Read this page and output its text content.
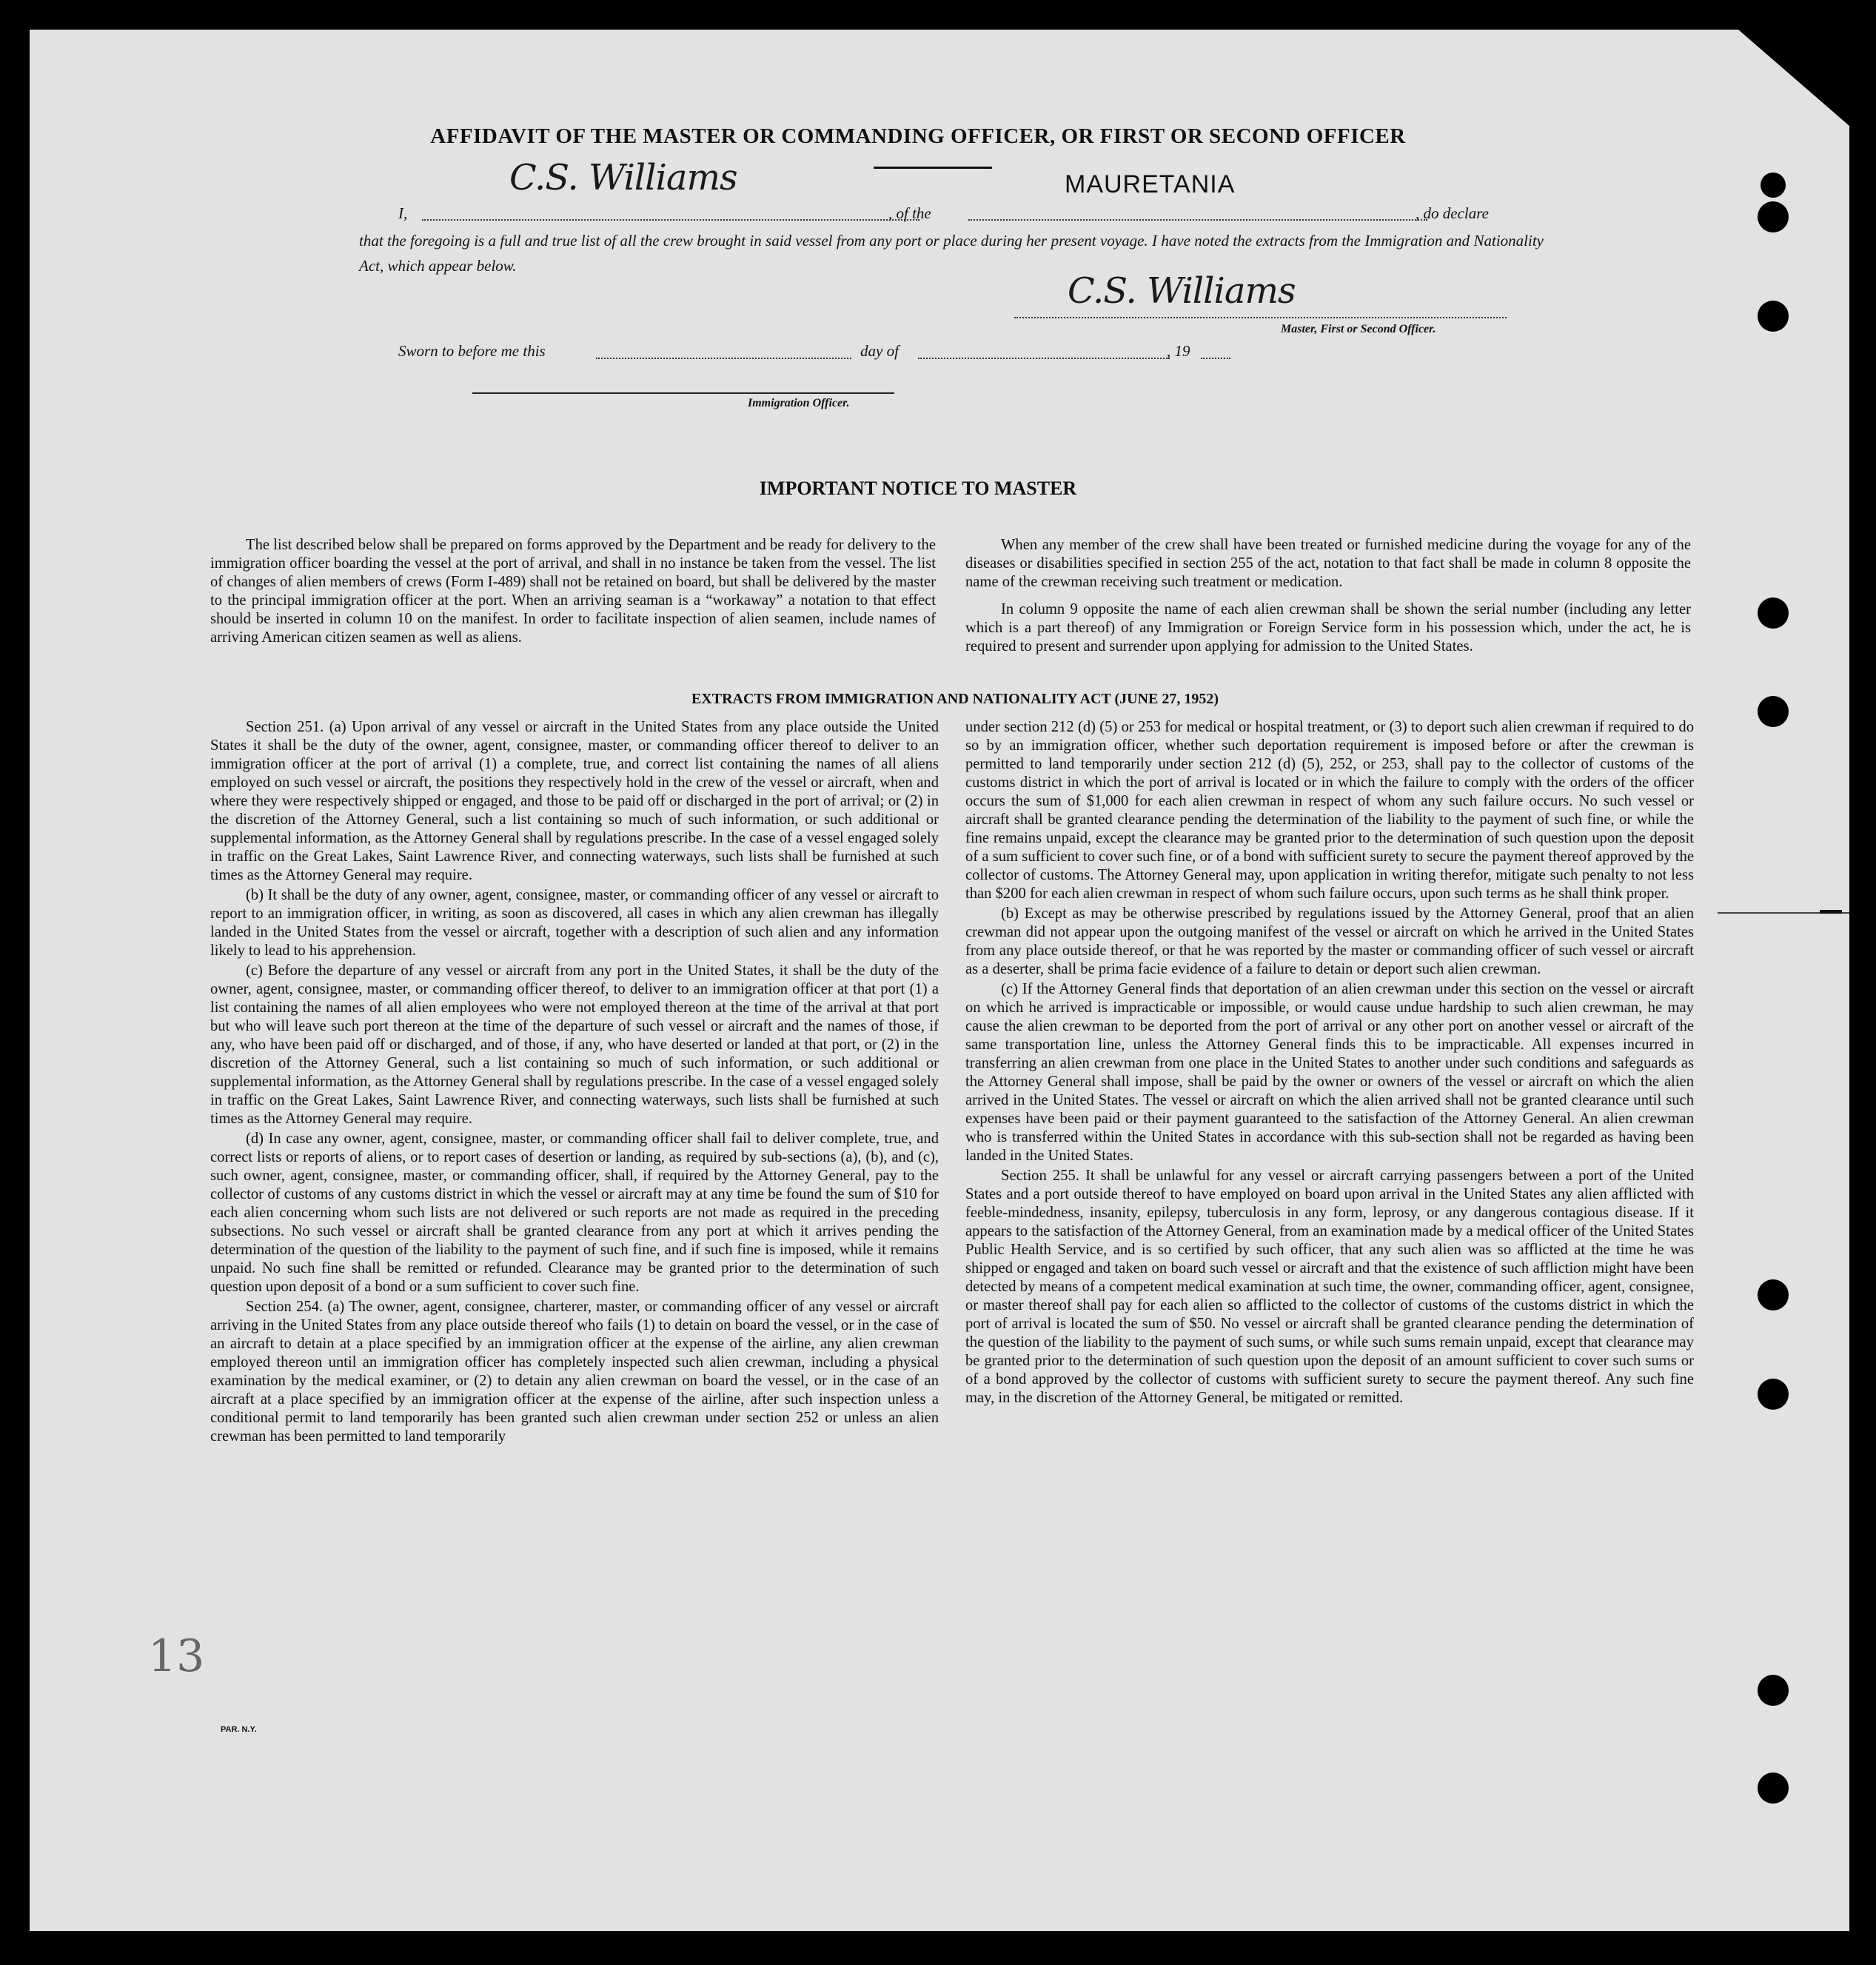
AFFIDAVIT OF THE MASTER OR COMMANDING OFFICER, OR FIRST OR SECOND OFFICER
I,
C.S. Williams
, of the
MAURETANIA
, do declare
that the foregoing is a full and true list of all the crew brought in said vessel from any port or place during her present voyage. I have noted the extracts from the Immigration and Nationality Act, which appear below.
C.S. Williams
Master, First or Second Officer.
Sworn to before me this	day of	, 19
Immigration Officer.
IMPORTANT NOTICE TO MASTER

The list described below shall be prepared on forms approved by the Department and be ready for delivery to the immigration officer boarding the vessel at the port of arrival, and shall in no instance be taken from the vessel. The list of changes of alien members of crews (Form I-489) shall not be retained on board, but shall be delivered by the master to the principal immigration officer at the port. When an arriving seaman is a “workaway” a notation to that effect should be inserted in column 10 on the manifest. In order to facilitate inspection of alien seamen, include names of arriving American citizen seamen as well as aliens.

When any member of the crew shall have been treated or furnished medicine during the voyage for any of the diseases or disabilities specified in section 255 of the act, notation to that fact shall be made in column 8 opposite the name of the crewman receiving such treatment or medication.

In column 9 opposite the name of each alien crewman shall be shown the serial number (including any letter which is a part thereof) of any Immigration or Foreign Service form in his possession which, under the act, he is required to present and surrender upon applying for admission to the United States.

EXTRACTS FROM IMMIGRATION AND NATIONALITY ACT (JUNE 27, 1952)

Section 251. (a) Upon arrival of any vessel or aircraft in the United States from any place outside the United States it shall be the duty of the owner, agent, consignee, master, or commanding officer thereof to deliver to an immigration officer at the port of arrival (1) a complete, true, and correct list containing the names of all aliens employed on such vessel or aircraft, the positions they respectively hold in the crew of the vessel or aircraft, when and where they were respectively shipped or engaged, and those to be paid off or discharged in the port of arrival; or (2) in the discretion of the Attorney General, such a list containing so much of such information, or such additional or supplemental information, as the Attorney General shall by regulations prescribe. In the case of a vessel engaged solely in traffic on the Great Lakes, Saint Lawrence River, and connecting waterways, such lists shall be furnished at such times as the Attorney General may require.

(b) It shall be the duty of any owner, agent, consignee, master, or commanding officer of any vessel or aircraft to report to an immigration officer, in writing, as soon as discovered, all cases in which any alien crewman has illegally landed in the United States from the vessel or aircraft, together with a description of such alien and any information likely to lead to his apprehension.

(c) Before the departure of any vessel or aircraft from any port in the United States, it shall be the duty of the owner, agent, consignee, master, or commanding officer thereof, to deliver to an immigration officer at that port (1) a list containing the names of all alien employees who were not employed thereon at the time of the arrival at that port but who will leave such port thereon at the time of the departure of such vessel or aircraft and the names of those, if any, who have been paid off or discharged, and of those, if any, who have deserted or landed at that port, or (2) in the discretion of the Attorney General, such a list containing so much of such information, or such additional or supplemental information, as the Attorney General shall by regulations prescribe. In the case of a vessel engaged solely in traffic on the Great Lakes, Saint Lawrence River, and connecting waterways, such lists shall be furnished at such times as the Attorney General may require.

(d) In case any owner, agent, consignee, master, or commanding officer shall fail to deliver complete, true, and correct lists or reports of aliens, or to report cases of desertion or landing, as required by sub-sections (a), (b), and (c), such owner, agent, consignee, master, or commanding officer, shall, if required by the Attorney General, pay to the collector of customs of any customs district in which the vessel or aircraft may at any time be found the sum of $10 for each alien concerning whom such lists are not delivered or such reports are not made as required in the preceding subsections. No such vessel or aircraft shall be granted clearance from any port at which it arrives pending the determination of the question of the liability to the payment of such fine, and if such fine is imposed, while it remains unpaid. No such fine shall be remitted or refunded. Clearance may be granted prior to the determination of such question upon deposit of a bond or a sum sufficient to cover such fine.

Section 254. (a) The owner, agent, consignee, charterer, master, or commanding officer of any vessel or aircraft arriving in the United States from any place outside thereof who fails (1) to detain on board the vessel, or in the case of an aircraft to detain at a place specified by an immigration officer at the expense of the airline, any alien crewman employed thereon until an immigration officer has completely inspected such alien crewman, including a physical examination by the medical examiner, or (2) to detain any alien crewman on board the vessel, or in the case of an aircraft at a place specified by an immigration officer at the expense of the airline, after such inspection unless a conditional permit to land temporarily has been granted such alien crewman under section 252 or unless an alien crewman has been permitted to land temporarily

under section 212 (d) (5) or 253 for medical or hospital treatment, or (3) to deport such alien crewman if required to do so by an immigration officer, whether such deportation requirement is imposed before or after the crewman is permitted to land temporarily under section 212 (d) (5), 252, or 253, shall pay to the collector of customs of the customs district in which the port of arrival is located or in which the failure to comply with the orders of the officer occurs the sum of $1,000 for each alien crewman in respect of whom any such failure occurs. No such vessel or aircraft shall be granted clearance pending the determination of the liability to the payment of such fine, or while the fine remains unpaid, except the clearance may be granted prior to the determination of such question upon the deposit of a sum sufficient to cover such fine, or of a bond with sufficient surety to secure the payment thereof approved by the collector of customs. The Attorney General may, upon application in writing therefor, mitigate such penalty to not less than $200 for each alien crewman in respect of whom such failure occurs, upon such terms as he shall think proper.

(b) Except as may be otherwise prescribed by regulations issued by the Attorney General, proof that an alien crewman did not appear upon the outgoing manifest of the vessel or aircraft on which he arrived in the United States from any place outside thereof, or that he was reported by the master or commanding officer of such vessel or aircraft as a deserter, shall be prima facie evidence of a failure to detain or deport such alien crewman.

(c) If the Attorney General finds that deportation of an alien crewman under this section on the vessel or aircraft on which he arrived is impracticable or impossible, or would cause undue hardship to such alien crewman, he may cause the alien crewman to be deported from the port of arrival or any other port on another vessel or aircraft of the same transportation line, unless the Attorney General finds this to be impracticable. All expenses incurred in transferring an alien crewman from one place in the United States to another under such conditions and safeguards as the Attorney General shall impose, shall be paid by the owner or owners of the vessel or aircraft on which the alien arrived in the United States. The vessel or aircraft on which the alien arrived shall not be granted clearance until such expenses have been paid or their payment guaranteed to the satisfaction of the Attorney General. An alien crewman who is transferred within the United States in accordance with this sub-section shall not be regarded as having been landed in the United States.

Section 255. It shall be unlawful for any vessel or aircraft carrying passengers between a port of the United States and a port outside thereof to have employed on board upon arrival in the United States any alien afflicted with feeble-mindedness, insanity, epilepsy, tuberculosis in any form, leprosy, or any dangerous contagious disease. If it appears to the satisfaction of the Attorney General, from an examination made by a medical officer of the United States Public Health Service, and is so certified by such officer, that any such alien was so afflicted at the time he was shipped or engaged and taken on board such vessel or aircraft and that the existence of such affliction might have been detected by means of a competent medical examination at such time, the owner, commanding officer, agent, consignee, or master thereof shall pay for each alien so afflicted to the collector of customs of the customs district in which the port of arrival is located the sum of $50. No vessel or aircraft shall be granted clearance pending the determination of the question of the liability to the payment of such sums, or while such sums remain unpaid, except that clearance may be granted prior to the determination of such question upon the deposit of an amount sufficient to cover such sums or of a bond approved by the collector of customs with sufficient surety to secure the payment thereof. Any such fine may, in the discretion of the Attorney General, be mitigated or remitted.

PAR. N.Y.
13
